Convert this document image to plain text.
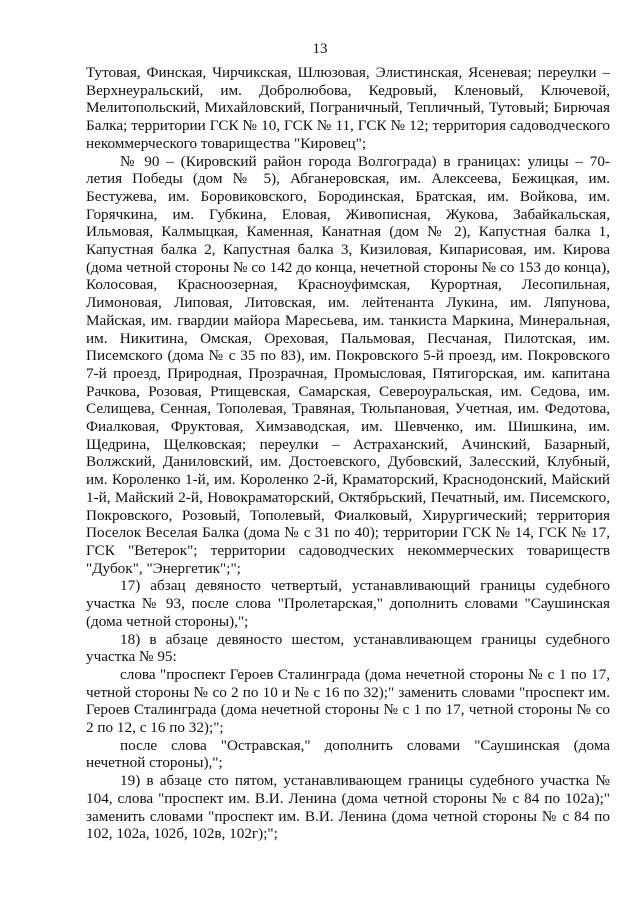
13

Тутовая, Финская, Чирчикская, Шлюзовая, Элистинская, Ясеневая; переулки – Верхнеуральский, им. Добролюбова, Кедровый, Кленовый, Ключевой, Мелитопольский, Михайловский, Пограничный, Тепличный, Тутовый; Бирючая Балка; территории ГСК № 10, ГСК № 11, ГСК № 12; территория садоводческого некоммерческого товарищества "Кировец";

№ 90 – (Кировский район города Волгограда) в границах: улицы – 70-летия Победы (дом № 5), Абганеровская, им. Алексеева, Бежицкая, им. Бестужева, им. Боровиковского, Бородинская, Братская, им. Войкова, им. Горячкина, им. Губкина, Еловая, Живописная, Жукова, Забайкальская, Ильмовая, Калмыцкая, Каменная, Канатная (дом № 2), Капустная балка 1, Капустная балка 2, Капустная балка 3, Кизиловая, Кипарисовая, им. Кирова (дома четной стороны № со 142 до конца, нечетной стороны № со 153 до конца), Колосовая, Красноозерная, Красноуфимская, Курортная, Лесопильная, Лимоновая, Липовая, Литовская, им. лейтенанта Лукина, им. Ляпунова, Майская, им. гвардии майора Маресьева, им. танкиста Маркина, Минеральная, им. Никитина, Омская, Ореховая, Пальмовая, Песчаная, Пилотская, им. Писемского (дома № с 35 по 83), им. Покровского 5-й проезд, им. Покровского 7-й проезд, Природная, Прозрачная, Промысловая, Пятигорская, им. капитана Рачкова, Розовая, Ртищевская, Самарская, Североуральская, им. Седова, им. Селищева, Сенная, Тополевая, Травяная, Тюльпановая, Учетная, им. Федотова, Фиалковая, Фруктовая, Химзаводская, им. Шевченко, им. Шишкина, им. Щедрина, Щелковская; переулки – Астраханский, Ачинский, Базарный, Волжский, Даниловский, им. Достоевского, Дубовский, Залесский, Клубный, им. Короленко 1-й, им. Короленко 2-й, Краматорский, Краснодонский, Майский 1-й, Майский 2-й, Новокраматорский, Октябрьский, Печатный, им. Писемского, Покровского, Розовый, Тополевый, Фиалковый, Хирургический; территория Поселок Веселая Балка (дома № с 31 по 40); территории ГСК № 14, ГСК № 17, ГСК "Ветерок"; территории садоводческих некоммерческих товариществ "Дубок", "Энергетик";";

17) абзац девяносто четвертый, устанавливающий границы судебного участка № 93, после слова "Пролетарская," дополнить словами "Саушинская (дома четной стороны),";

18) в абзаце девяносто шестом, устанавливающем границы судебного участка № 95:

слова "проспект Героев Сталинграда (дома нечетной стороны № с 1 по 17, четной стороны № со 2 по 10 и № с 16 по 32);" заменить словами "проспект им. Героев Сталинграда (дома нечетной стороны № с 1 по 17, четной стороны № со 2 по 12, с 16 по 32);";

после слова "Остравская," дополнить словами "Саушинская (дома нечетной стороны),";

19) в абзаце сто пятом, устанавливающем границы судебного участка № 104, слова "проспект им. В.И. Ленина (дома четной стороны № с 84 по 102а);" заменить словами "проспект им. В.И. Ленина (дома четной стороны № с 84 по 102, 102а, 102б, 102в, 102г);";
